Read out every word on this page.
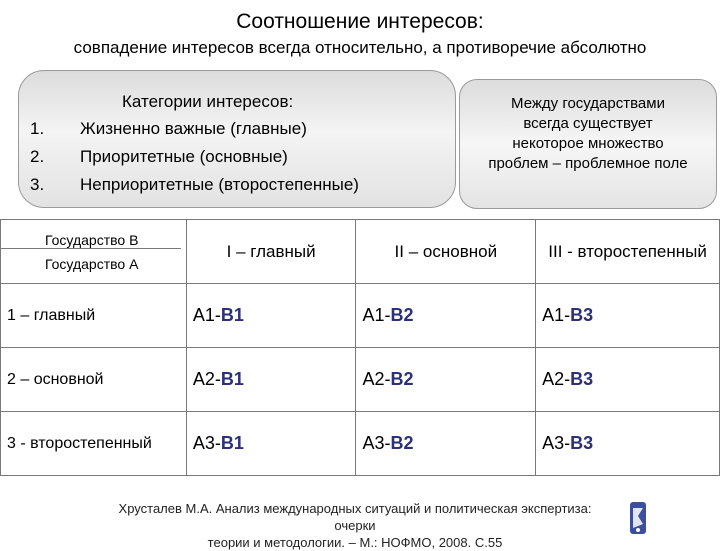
Соотношение интересов:
совпадение интересов всегда относительно, а противоречие абсолютно
Категории интересов:
1. Жизненно важные (главные)
2. Приоритетные (основные)
3. Неприоритетные (второстепенные)
Между государствами
всегда существует
некоторое множество
проблем – проблемное поле
Государство В
Государство А	I – главный	II – основной	III - второстепенный
1 – главный	A1-B1	A1-B2	A1-B3
2 – основной	A2-B1	A2-B2	A2-B3
3 - второстепенный	A3-B1	A3-B2	A3-B3
Хрусталев М.А. Анализ международных ситуаций и политическая экспертиза: очерки
теории и методологии. – М.: НОФМО, 2008. С.55
